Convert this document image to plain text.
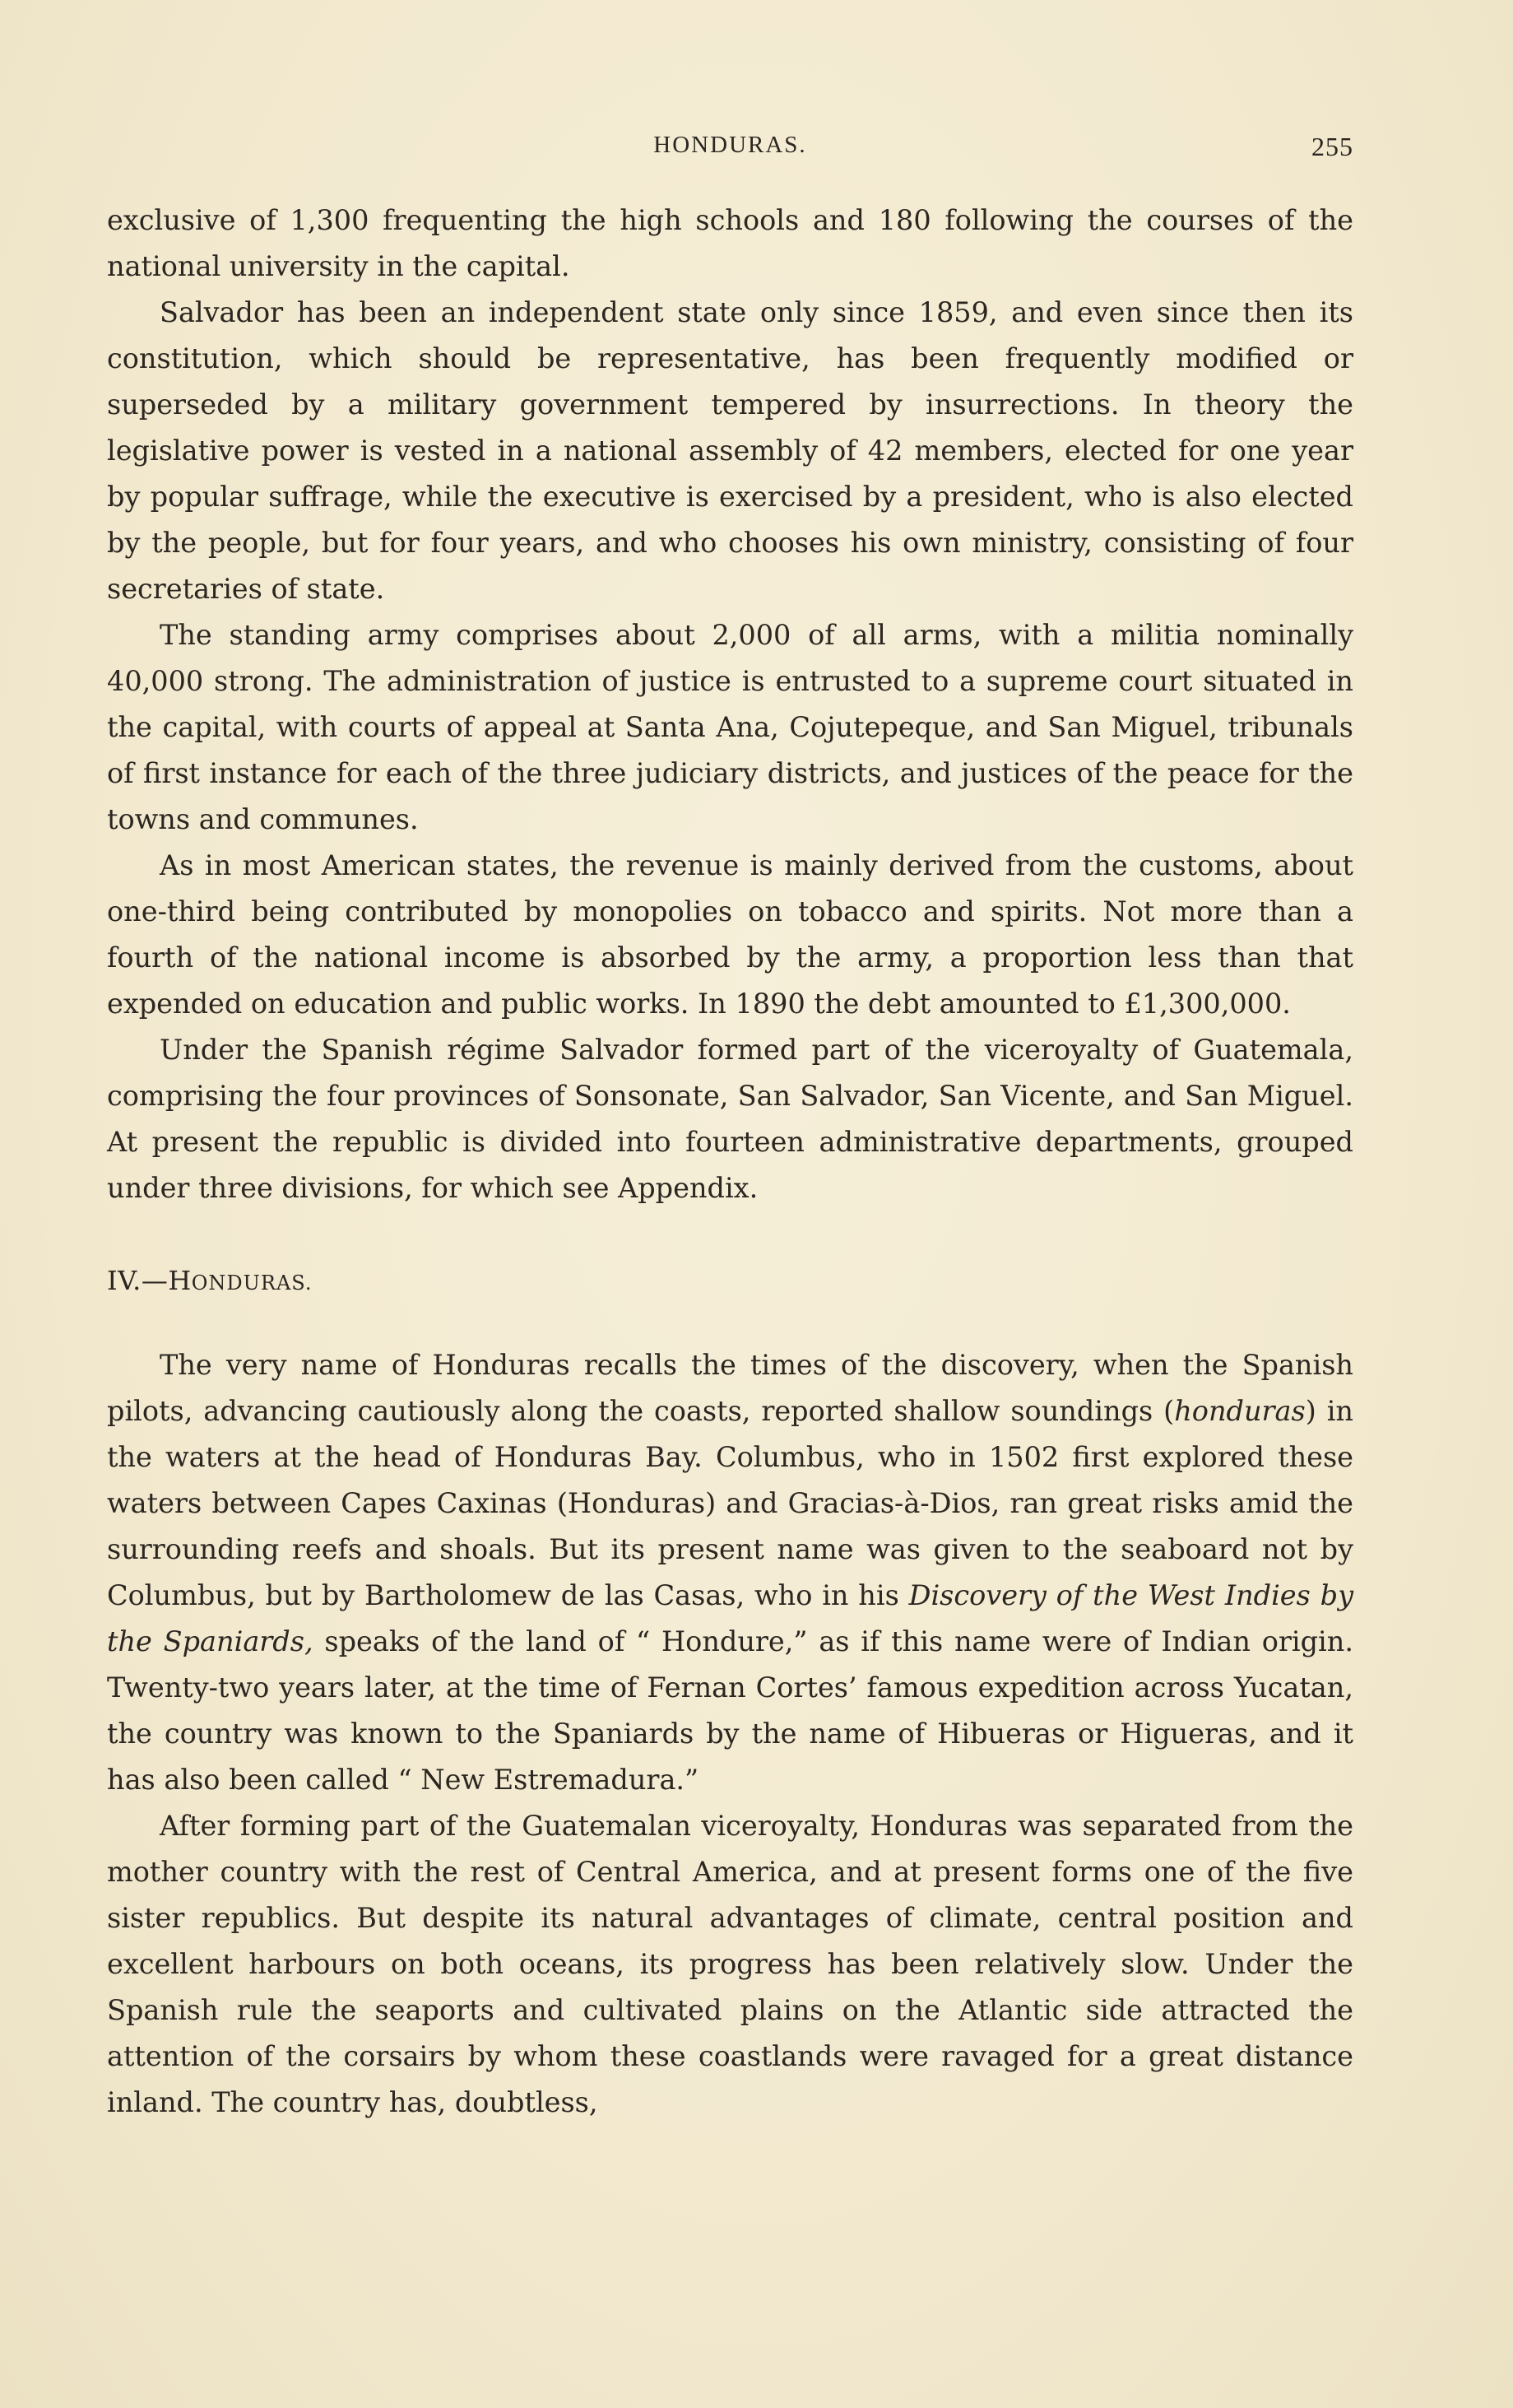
HONDURAS.	255

exclusive of 1,300 frequenting the high schools and 180 following the courses of the national university in the capital.

Salvador has been an independent state only since 1859, and even since then its constitution, which should be representative, has been frequently modified or superseded by a military government tempered by insurrections. In theory the legislative power is vested in a national assembly of 42 members, elected for one year by popular suffrage, while the executive is exercised by a president, who is also elected by the people, but for four years, and who chooses his own ministry, consisting of four secretaries of state.

The standing army comprises about 2,000 of all arms, with a militia nominally 40,000 strong. The administration of justice is entrusted to a supreme court situated in the capital, with courts of appeal at Santa Ana, Cojutepeque, and San Miguel, tribunals of first instance for each of the three judiciary districts, and justices of the peace for the towns and communes.

As in most American states, the revenue is mainly derived from the customs, about one-third being contributed by monopolies on tobacco and spirits. Not more than a fourth of the national income is absorbed by the army, a proportion less than that expended on education and public works. In 1890 the debt amounted to £1,300,000.

Under the Spanish régime Salvador formed part of the viceroyalty of Guatemala, comprising the four provinces of Sonsonate, San Salvador, San Vicente, and San Miguel. At present the republic is divided into fourteen administrative departments, grouped under three divisions, for which see Appendix.

IV.—HONDURAS.

The very name of Honduras recalls the times of the discovery, when the Spanish pilots, advancing cautiously along the coasts, reported shallow soundings (honduras) in the waters at the head of Honduras Bay. Columbus, who in 1502 first explored these waters between Capes Caxinas (Honduras) and Gracias-à-Dios, ran great risks amid the surrounding reefs and shoals. But its present name was given to the seaboard not by Columbus, but by Bartholomew de las Casas, who in his Discovery of the West Indies by the Spaniards, speaks of the land of “ Hondure,” as if this name were of Indian origin. Twenty-two years later, at the time of Fernan Cortes’ famous expedition across Yucatan, the country was known to the Spaniards by the name of Hibueras or Higueras, and it has also been called “ New Estremadura.”

After forming part of the Guatemalan viceroyalty, Honduras was separated from the mother country with the rest of Central America, and at present forms one of the five sister republics. But despite its natural advantages of climate, central position and excellent harbours on both oceans, its progress has been relatively slow. Under the Spanish rule the seaports and cultivated plains on the Atlantic side attracted the attention of the corsairs by whom these coastlands were ravaged for a great distance inland. The country has, doubtless,
